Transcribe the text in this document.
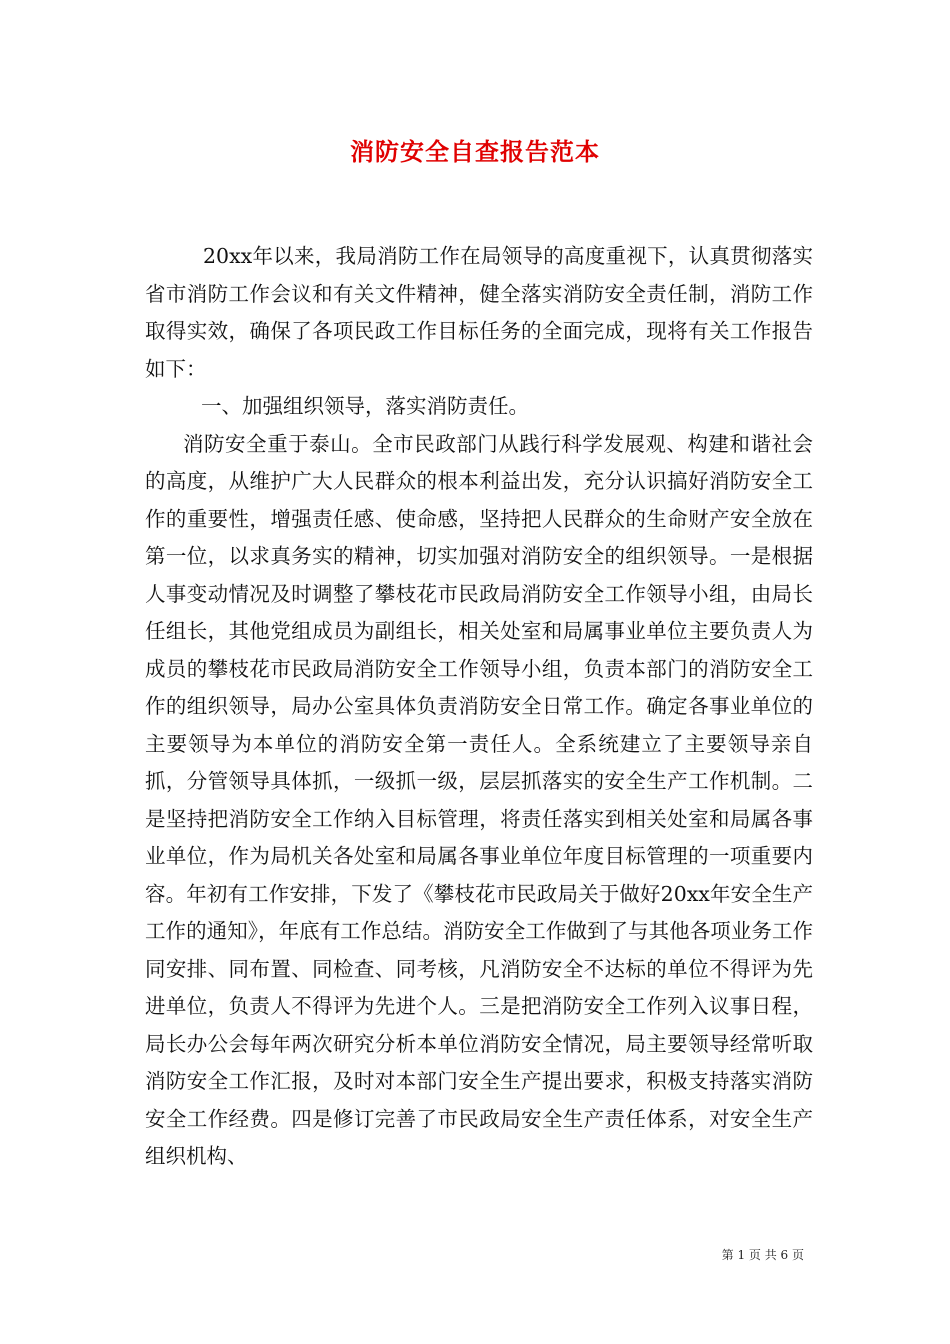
消防安全自查报告范本

20xx年以来，我局消防工作在局领导的高度重视下，认真贯彻落实省市消防工作会议和有关文件精神，健全落实消防安全责任制，消防工作取得实效，确保了各项民政工作目标任务的全面完成，现将有关工作报告如下：

一、加强组织领导，落实消防责任。

消防安全重于泰山。全市民政部门从践行科学发展观、构建和谐社会的高度，从维护广大人民群众的根本利益出发，充分认识搞好消防安全工作的重要性，增强责任感、使命感，坚持把人民群众的生命财产安全放在第一位，以求真务实的精神，切实加强对消防安全的组织领导。一是根据人事变动情况及时调整了攀枝花市民政局消防安全工作领导小组，由局长任组长，其他党组成员为副组长，相关处室和局属事业单位主要负责人为成员的攀枝花市民政局消防安全工作领导小组，负责本部门的消防安全工作的组织领导，局办公室具体负责消防安全日常工作。确定各事业单位的主要领导为本单位的消防安全第一责任人。全系统建立了主要领导亲自抓，分管领导具体抓，一级抓一级，层层抓落实的安全生产工作机制。二是坚持把消防安全工作纳入目标管理，将责任落实到相关处室和局属各事业单位，作为局机关各处室和局属各事业单位年度目标管理的一项重要内容。年初有工作安排，下发了《攀枝花市民政局关于做好20xx年安全生产工作的通知》，年底有工作总结。消防安全工作做到了与其他各项业务工作同安排、同布置、同检查、同考核，凡消防安全不达标的单位不得评为先进单位，负责人不得评为先进个人。三是把消防安全工作列入议事日程，局长办公会每年两次研究分析本单位消防安全情况，局主要领导经常听取消防安全工作汇报，及时对本部门安全生产提出要求，积极支持落实消防安全工作经费。四是修订完善了市民政局安全生产责任体系，对安全生产组织机构、

第 1 页 共 6 页
